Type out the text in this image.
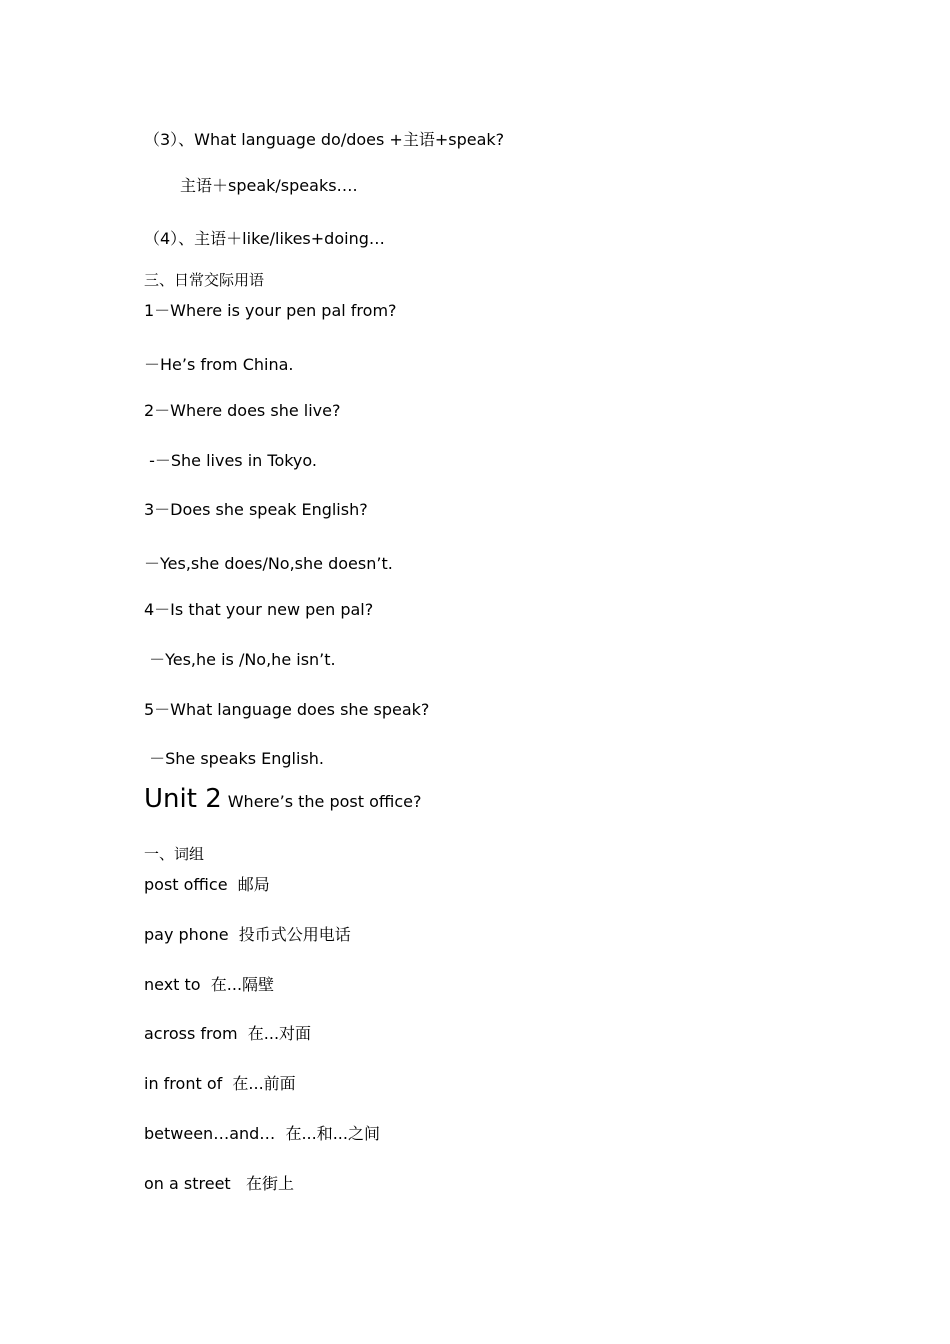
（3）、What language do/does +主语+speak?
主语＋speak/speaks….
（4）、主语＋like/likes+doing…
三、日常交际用语
1－Where is your pen pal from?
－He’s from China.
2－Where does she live?
-－She lives in Tokyo.
3－Does she speak English?
－Yes,she does/No,she doesn’t.
4－Is that your new pen pal?
－Yes,he is /No,he isn’t.
5－What language does she speak?
－She speaks English.
Unit 2 Where’s the post office?
一、词组
post office  邮局
pay phone  投币式公用电话
next to  在...隔壁
across from  在...对面
in front of  在...前面
between…and…  在...和...之间
on a street   在街上
